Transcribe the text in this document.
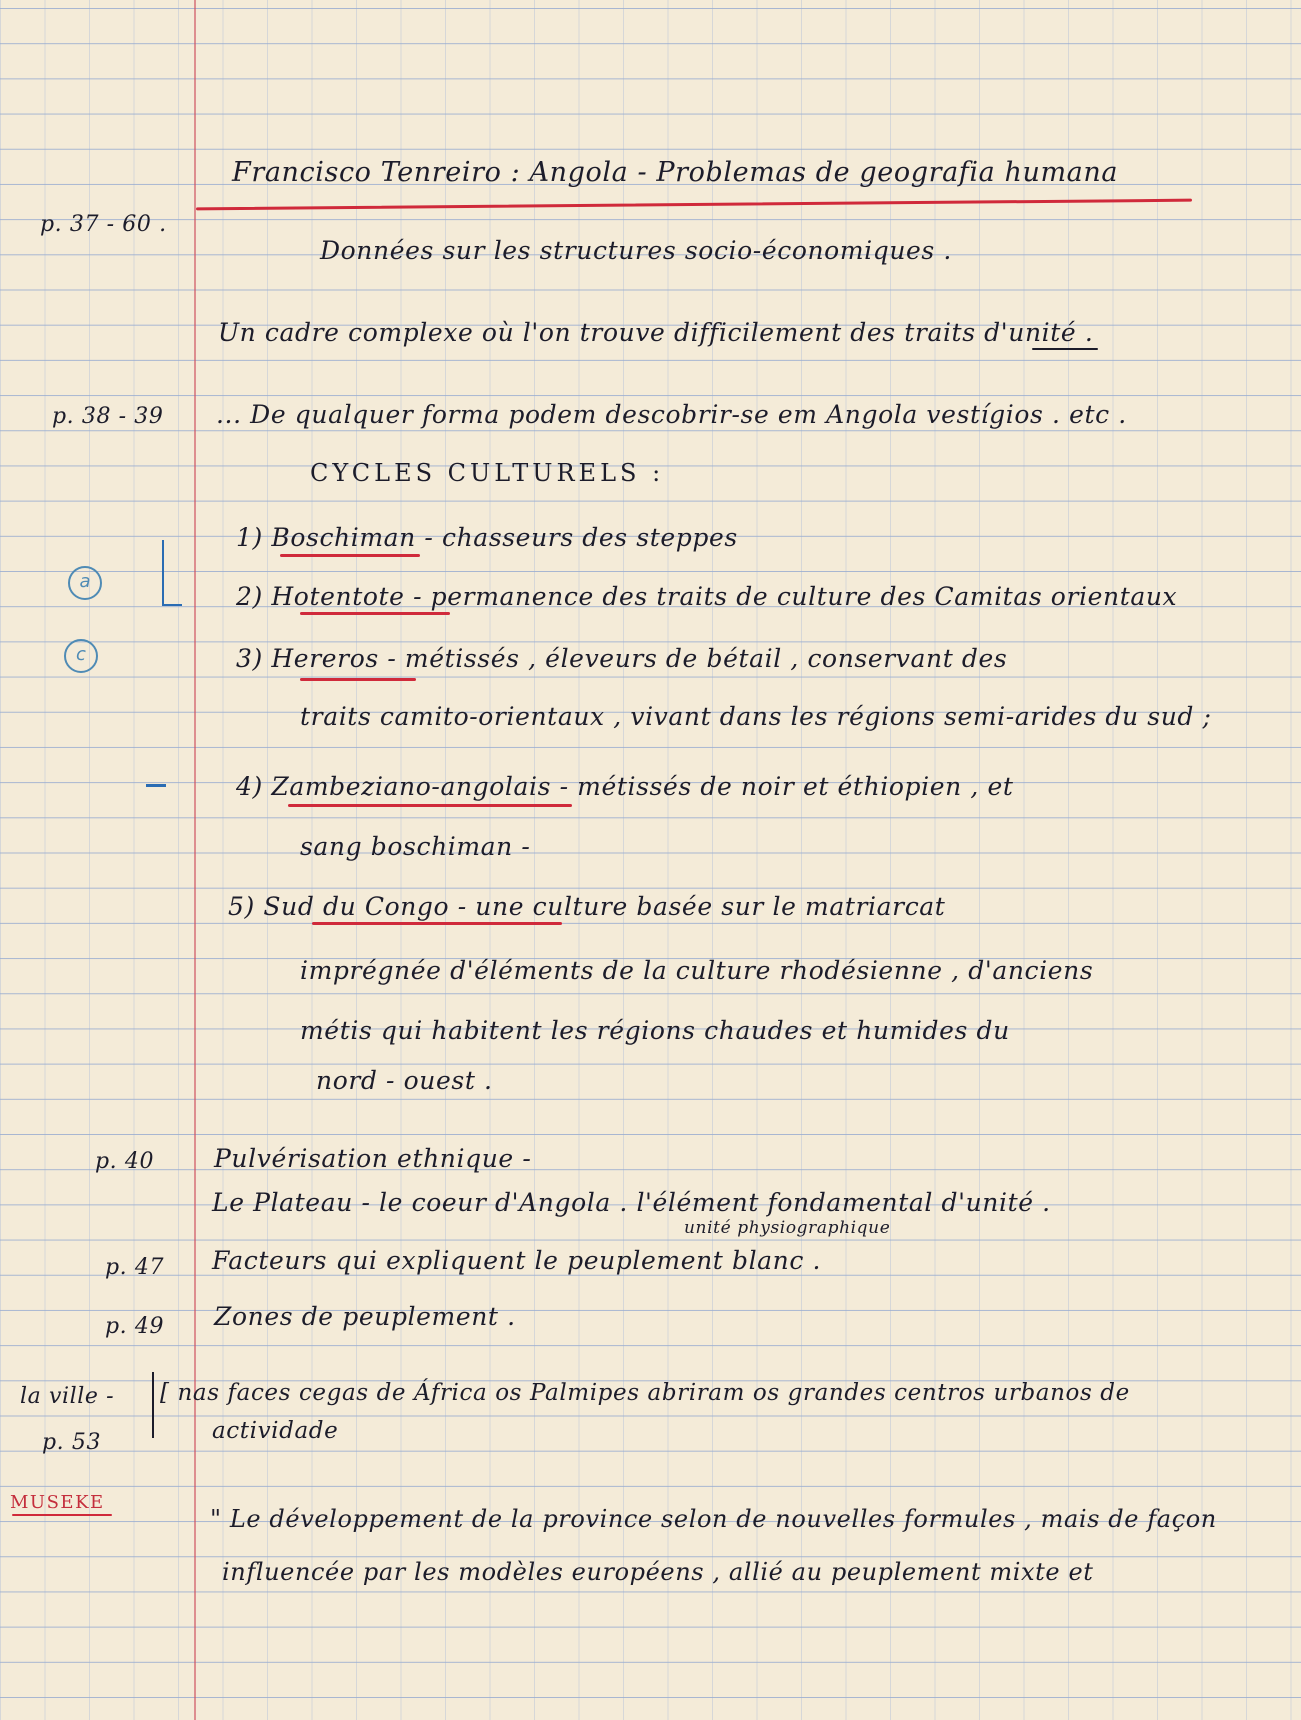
Francisco Tenreiro : Angola - Problemas de geografia humana

p. 37 - 60 .

p. 38 - 39

p. 40

p. 47

p. 49

la ville -

p. 53

MUSEKE

a
c

Données sur les structures socio-économiques .

Un cadre complexe où l'on trouve difficilement des traits d'unité .

... De qualquer forma podem descobrir-se em Angola vestígios . etc .

CYCLES CULTURELS :

1) Boschiman - chasseurs des steppes

2) Hotentote - permanence des traits de culture des Camitas orientaux

3) Hereros - métissés , éleveurs de bétail , conservant des

traits camito-orientaux , vivant dans les régions semi-arides du sud ;

4) Zambeziano-angolais - métissés de noir et éthiopien , et

sang boschiman -

5) Sud du Congo - une culture basée sur le matriarcat

imprégnée d'éléments de la culture rhodésienne , d'anciens

métis qui habitent les régions chaudes et humides du

nord - ouest .

Pulvérisation ethnique -

Le Plateau - le coeur d'Angola . l'élément fondamental d'unité .

unité physiographique

Facteurs qui expliquent le peuplement blanc .

Zones de peuplement .

[ nas faces cegas de África os Palmipes abriram os grandes centros urbanos de

actividade

" Le développement de la province selon de nouvelles formules , mais de façon

influencée par les modèles européens , allié au peuplement mixte et
